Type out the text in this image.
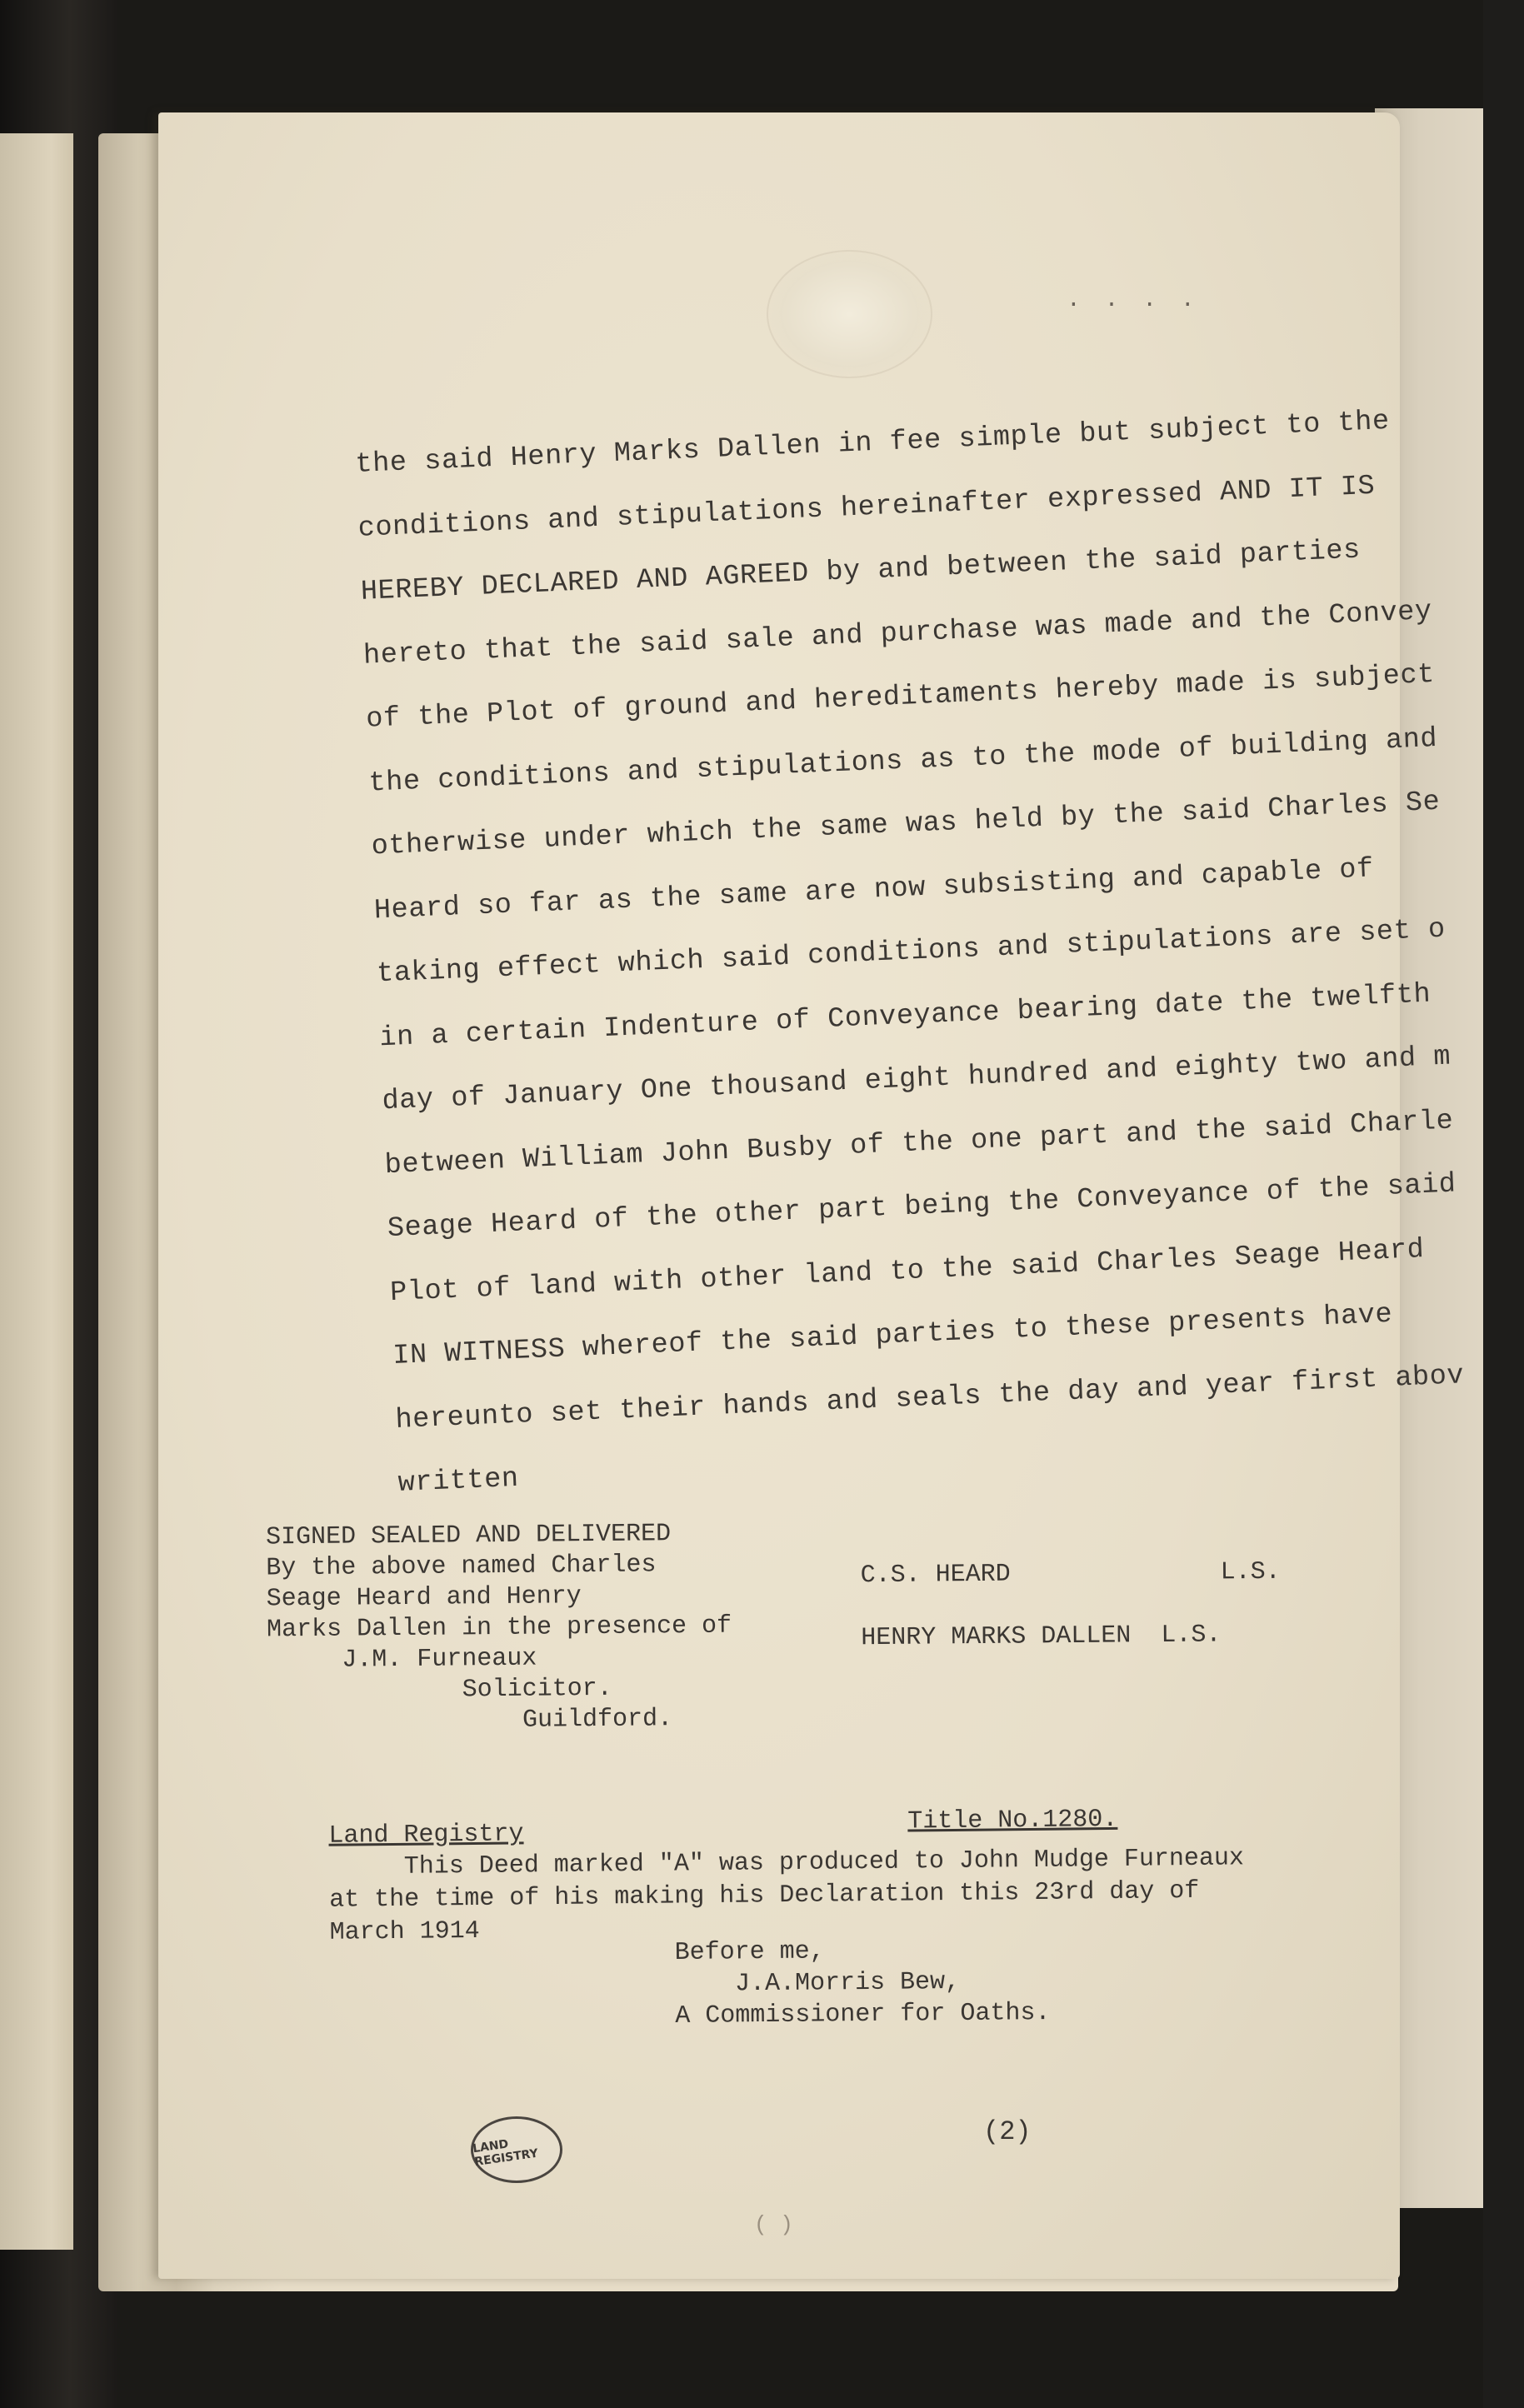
. . . .
the said Henry Marks Dallen in fee simple but subject to the
conditions and stipulations hereinafter expressed AND IT IS
HEREBY DECLARED AND AGREED by and between the said parties
hereto that the said sale and purchase was made and the Convey
of the Plot of ground and hereditaments hereby made is subject
the conditions and stipulations as to the mode of building and
otherwise under which the same was held by the said Charles Se
Heard so far as the same are now subsisting and capable of
taking effect which said conditions and stipulations are set o
in a certain Indenture of Conveyance bearing date the twelfth
day of January One thousand eight hundred and eighty two and m
between William John Busby of the one part and the said Charle
Seage Heard of the other part being the Conveyance of the said
Plot of land with other land to the said Charles Seage Heard
IN WITNESS whereof the said parties to these presents have
hereunto set their hands and seals the day and year first abov
written
SIGNED SEALED AND DELIVERED
By the above named Charles
Seage Heard and Henry
Marks Dallen in the presence of
J.M. Furneaux
Solicitor.
Guildford.
C.S. HEARD              L.S.
HENRY MARKS DALLEN  L.S.
Land Registry	Title No.1280.
This Deed marked "A" was produced to John Mudge Furneaux
at the time of his making his Declaration this 23rd day of
March 1914
Before me,
J.A.Morris Bew,
A Commissioner for Oaths.
LAND REGISTRY
(2)
( )
